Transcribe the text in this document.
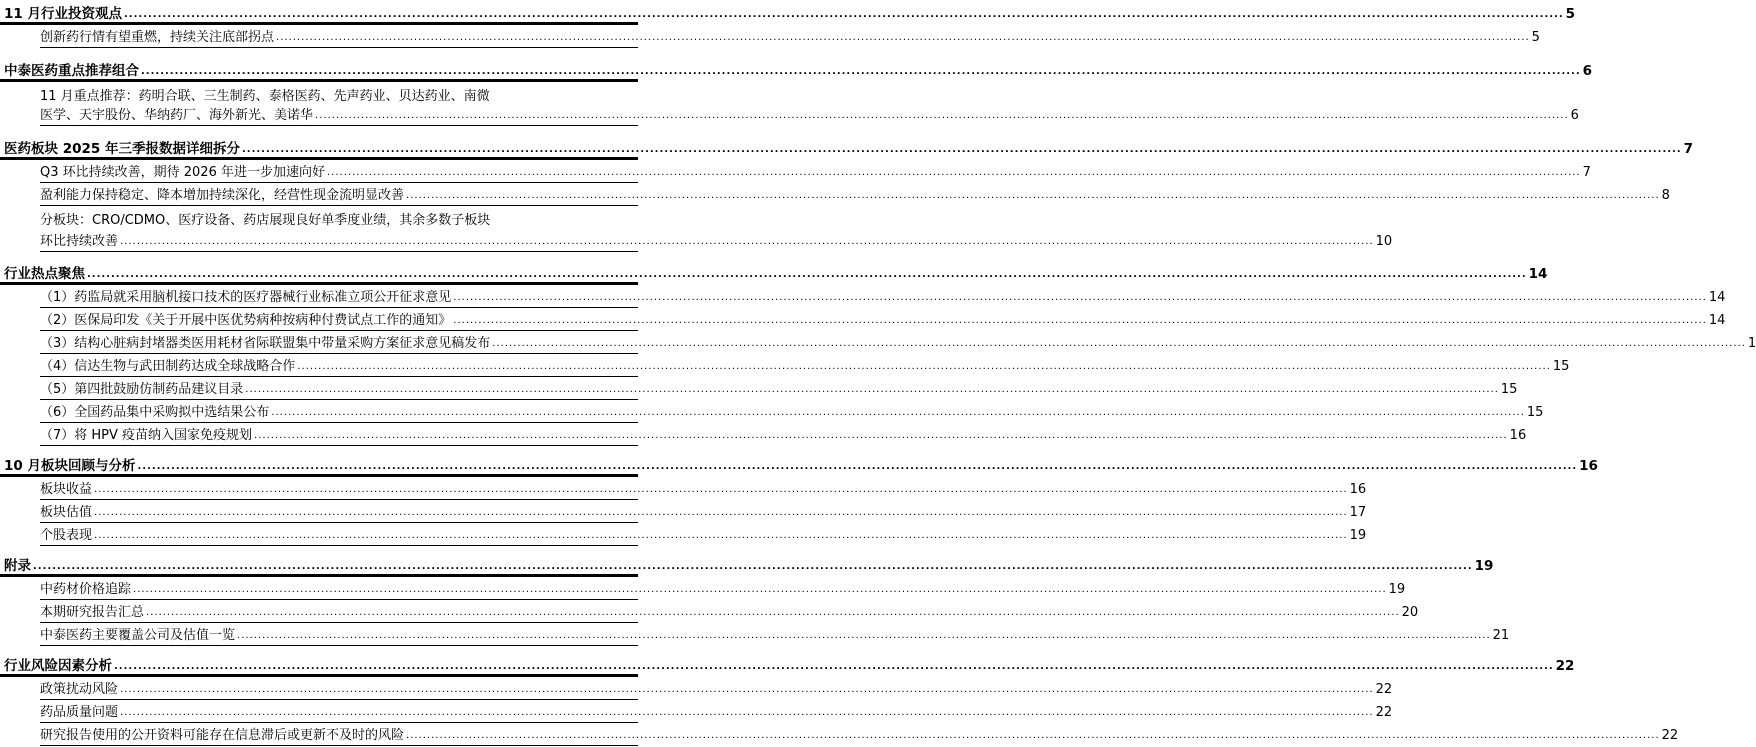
11 月行业投资观点 ............................................................................................................................................................................................................................................................................................................ 5
创新药行情有望重燃，持续关注底部拐点 ............................................................................................................................................................................................................................................................................................................ 5
中泰医药重点推荐组合 ............................................................................................................................................................................................................................................................................................................ 6
11 月重点推荐：药明合联、三生制药、泰格医药、先声药业、贝达药业、南微
医学、天宇股份、华纳药厂、海外新光、美诺华 ............................................................................................................................................................................................................................................................................................................ 6
医药板块 2025 年三季报数据详细拆分 ............................................................................................................................................................................................................................................................................................................ 7
Q3 环比持续改善，期待 2026 年进一步加速向好 ............................................................................................................................................................................................................................................................................................................ 7
盈利能力保持稳定、降本增加持续深化，经营性现金流明显改善 ............................................................................................................................................................................................................................................................................................................ 8
分板块：CRO/CDMO、医疗设备、药店展现良好单季度业绩，其余多数子板块
环比持续改善 ............................................................................................................................................................................................................................................................................................................ 10
行业热点聚焦 ............................................................................................................................................................................................................................................................................................................ 14
（1）药监局就采用脑机接口技术的医疗器械行业标准立项公开征求意见 ............................................................................................................................................................................................................................................................................................................ 14
（2）医保局印发《关于开展中医优势病种按病种付费试点工作的通知》 ............................................................................................................................................................................................................................................................................................................ 14
（3）结构心脏病封堵器类医用耗材省际联盟集中带量采购方案征求意见稿发布 ............................................................................................................................................................................................................................................................................................................ 1
（4）信达生物与武田制药达成全球战略合作 ............................................................................................................................................................................................................................................................................................................ 15
（5）第四批鼓励仿制药品建议目录 ............................................................................................................................................................................................................................................................................................................ 15
（6）全国药品集中采购拟中选结果公布 ............................................................................................................................................................................................................................................................................................................ 15
（7）将 HPV 疫苗纳入国家免疫规划 ............................................................................................................................................................................................................................................................................................................ 16
10 月板块回顾与分析 ............................................................................................................................................................................................................................................................................................................ 16
板块收益 ............................................................................................................................................................................................................................................................................................................ 16
板块估值 ............................................................................................................................................................................................................................................................................................................ 17
个股表现 ............................................................................................................................................................................................................................................................................................................ 19
附录 ............................................................................................................................................................................................................................................................................................................ 19
中药材价格追踪 ............................................................................................................................................................................................................................................................................................................ 19
本期研究报告汇总 ............................................................................................................................................................................................................................................................................................................ 20
中泰医药主要覆盖公司及估值一览 ............................................................................................................................................................................................................................................................................................................ 21
行业风险因素分析 ............................................................................................................................................................................................................................................................................................................ 22
政策扰动风险 ............................................................................................................................................................................................................................................................................................................ 22
药品质量问题 ............................................................................................................................................................................................................................................................................................................ 22
研究报告使用的公开资料可能存在信息滞后或更新不及时的风险 ............................................................................................................................................................................................................................................................................................................ 22
